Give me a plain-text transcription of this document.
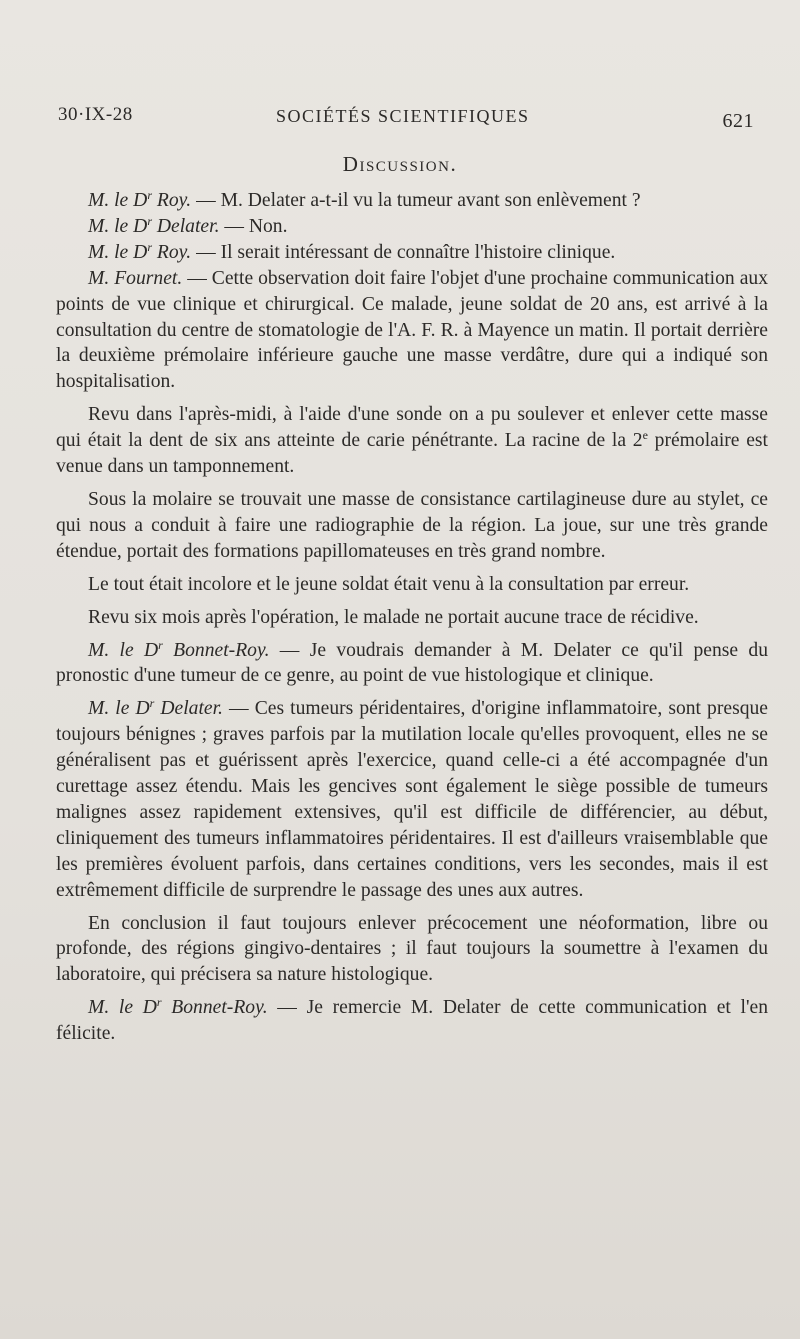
30·IX-28	SOCIÉTÉS SCIENTIFIQUES	621
Discussion.

M. le $D^r$ Roy. — M. Delater a-t-il vu la tumeur avant son enlèvement ?

M. le $D^r$ Delater. — Non.

M. le $D^r$ Roy. — Il serait intéressant de connaître l'histoire clinique.

M. Fournet. — Cette observation doit faire l'objet d'une prochaine communication aux points de vue clinique et chirurgical. Ce malade, jeune soldat de 20 ans, est arrivé à la consultation du centre de stomatologie de l'A. F. R. à Mayence un matin. Il portait derrière la deuxième prémolaire inférieure gauche une masse verdâtre, dure qui a indiqué son hospitalisation.

Revu dans l'après-midi, à l'aide d'une sonde on a pu soulever et enlever cette masse qui était la dent de six ans atteinte de carie pénétrante. La racine de la 2e prémolaire est venue dans un tamponnement.

Sous la molaire se trouvait une masse de consistance cartilagineuse dure au stylet, ce qui nous a conduit à faire une radiographie de la région. La joue, sur une très grande étendue, portait des formations papillomateuses en très grand nombre.

Le tout était incolore et le jeune soldat était venu à la consultation par erreur.

Revu six mois après l'opération, le malade ne portait aucune trace de récidive.

M. le $D^r$ Bonnet-Roy. — Je voudrais demander à M. Delater ce qu'il pense du pronostic d'une tumeur de ce genre, au point de vue histologique et clinique.

M. le $D^r$ Delater. — Ces tumeurs péridentaires, d'origine inflammatoire, sont presque toujours bénignes ; graves parfois par la mutilation locale qu'elles provoquent, elles ne se généralisent pas et guérissent après l'exercice, quand celle-ci a été accompagnée d'un curettage assez étendu. Mais les gencives sont également le siège possible de tumeurs malignes assez rapidement extensives, qu'il est difficile de différencier, au début, cliniquement des tumeurs inflammatoires péridentaires. Il est d'ailleurs vraisemblable que les premières évoluent parfois, dans certaines conditions, vers les secondes, mais il est extrêmement difficile de surprendre le passage des unes aux autres.

En conclusion il faut toujours enlever précocement une néoformation, libre ou profonde, des régions gingivo-dentaires ; il faut toujours la soumettre à l'examen du laboratoire, qui précisera sa nature histologique.

M. le $D^r$ Bonnet-Roy. — Je remercie M. Delater de cette communication et l'en félicite.
